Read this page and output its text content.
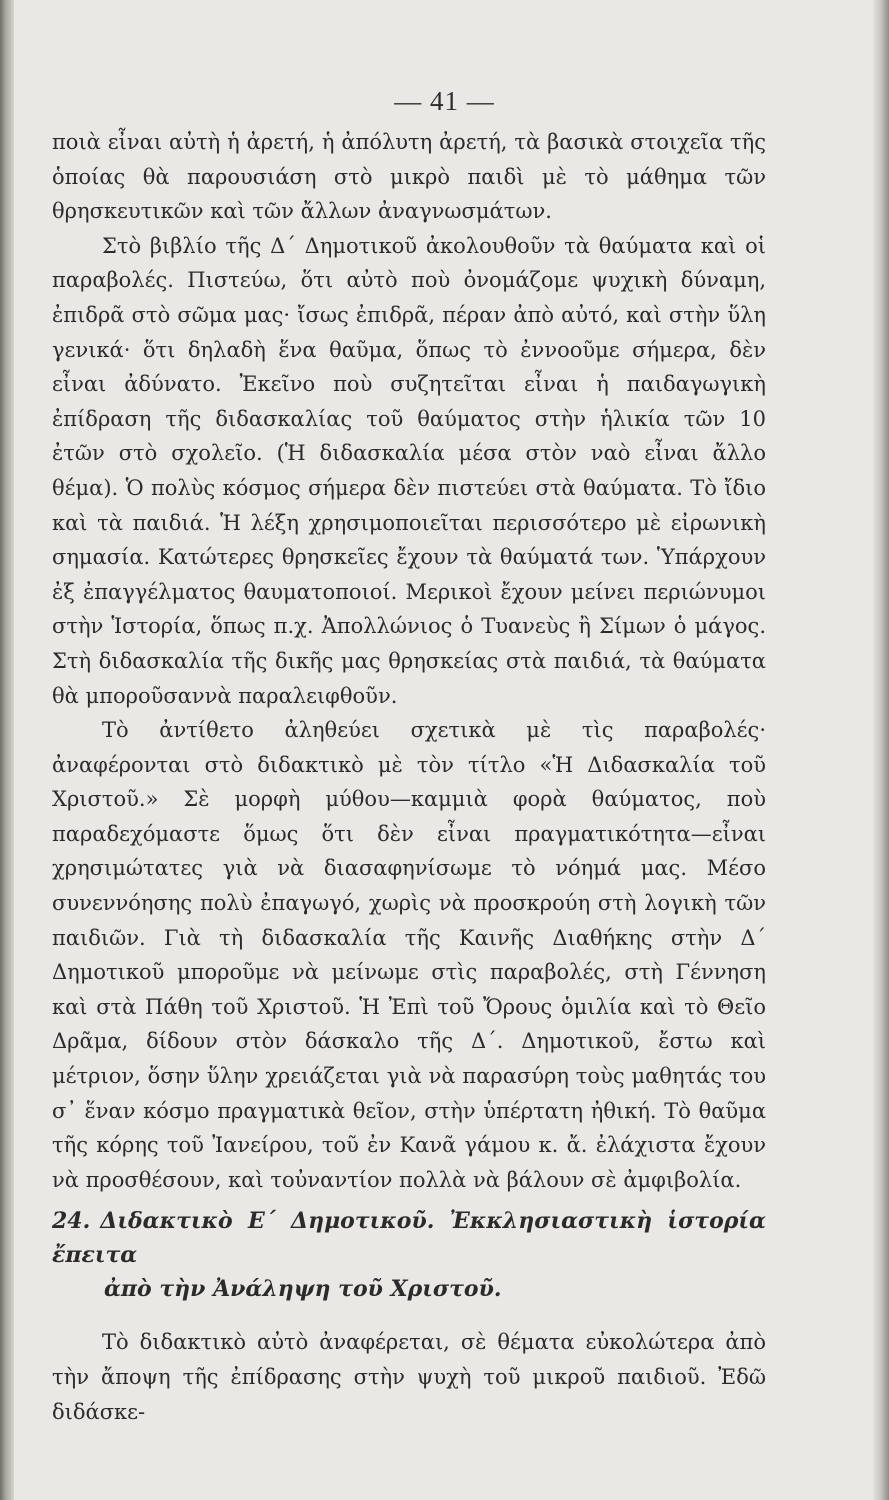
— 41 —

ποιὰ εἶναι αὐτὴ ἡ ἀρετή, ἡ ἀπόλυτη ἀρετή, τὰ βασικὰ στοιχεῖα τῆς ὁποίας θὰ παρουσιάση στὸ μικρὸ παιδὶ μὲ τὸ μάθημα τῶν θρησκευτικῶν καὶ τῶν ἄλλων ἀναγνωσμάτων.

Στὸ βιβλίο τῆς Δ΄ Δημοτικοῦ ἀκολουθοῦν τὰ θαύματα καὶ οἱ παραβολές. Πιστεύω, ὅτι αὐτὸ ποὺ ὀνομάζομε ψυχικὴ δύναμη, ἐπιδρᾶ στὸ σῶμα μας· ἴσως ἐπιδρᾶ, πέραν ἀπὸ αὐτό, καὶ στὴν ὕλη γενικά· ὅτι δηλαδὴ ἕνα θαῦμα, ὅπως τὸ ἐννοοῦμε σήμερα, δὲν εἶναι ἀδύνατο. Ἐκεῖνο ποὺ συζητεῖται εἶναι ἡ παιδαγωγικὴ ἐπίδραση τῆς διδασκαλίας τοῦ θαύματος στὴν ἡλικία τῶν 10 ἐτῶν στὸ σχολεῖο. (Ἡ διδασκαλία μέσα στὸν ναὸ εἶναι ἄλλο θέμα). Ὁ πολὺς κόσμος σήμερα δὲν πιστεύει στὰ θαύματα. Τὸ ἴδιο καὶ τὰ παιδιά. Ἡ λέξη χρησιμοποιεῖται περισσότερο μὲ εἰρωνικὴ σημασία. Κατώτερες θρησκεῖες ἔχουν τὰ θαύματά των. Ὑπάρχουν ἐξ ἐπαγγέλματος θαυματοποιοί. Μερικοὶ ἔχουν μείνει περιώνυμοι στὴν Ἱστορία, ὅπως π.χ. Ἀπολλώνιος ὁ Τυανεὺς ἢ Σίμων ὁ μάγος. Στὴ διδασκαλία τῆς δικῆς μας θρησκείας στὰ παιδιά, τὰ θαύματα θὰ μποροῦσαννὰ παραλειφθοῦν.

Τὸ ἀντίθετο ἀληθεύει σχετικὰ μὲ τὶς παραβολές· ἀναφέρονται στὸ διδακτικὸ μὲ τὸν τίτλο «Ἡ Διδασκαλία τοῦ Χριστοῦ.» Σὲ μορφὴ μύθου—καμμιὰ φορὰ θαύματος, ποὺ παραδεχόμαστε ὅμως ὅτι δὲν εἶναι πραγματικότητα—εἶναι χρησιμώτατες γιὰ νὰ διασαφηνίσωμε τὸ νόημά μας. Μέσο συνεννόησης πολὺ ἐπαγωγό, χωρὶς νὰ προσκρούη στὴ λογικὴ τῶν παιδιῶν. Γιὰ τὴ διδασκαλία τῆς Καινῆς Διαθήκης στὴν Δ΄ Δημοτικοῦ μποροῦμε νὰ μείνωμε στὶς παραβολές, στὴ Γέννηση καὶ στὰ Πάθη τοῦ Χριστοῦ. Ἡ Ἐπὶ τοῦ Ὄρους ὁμιλία καὶ τὸ Θεῖο Δρᾶμα, δίδουν στὸν δάσκαλο τῆς Δ΄. Δημοτικοῦ, ἔστω καὶ μέτριον, ὅσην ὕλην χρειάζεται γιὰ νὰ παρασύρη τοὺς μαθητάς του σ᾿ ἕναν κόσμο πραγματικὰ θεῖον, στὴν ὑπέρτατη ἠθική. Τὸ θαῦμα τῆς κόρης τοῦ Ἰανείρου, τοῦ ἐν Κανᾶ γάμου κ. ἄ. ἐλάχιστα ἔχουν νὰ προσθέσουν, καὶ τοὐναντίον πολλὰ νὰ βάλουν σὲ ἀμφιβολία.

24. Διδακτικὸ Ε΄ Δημοτικοῦ. Ἐκκλησιαστικὴ ἱστορία ἔπειτα
ἀπὸ τὴν Ἀνάληψη τοῦ Χριστοῦ.

Τὸ διδακτικὸ αὐτὸ ἀναφέρεται, σὲ θέματα εὐκολώτερα ἀπὸ τὴν ἄποψη τῆς ἐπίδρασης στὴν ψυχὴ τοῦ μικροῦ παιδιοῦ. Ἐδῶ διδάσκε-
